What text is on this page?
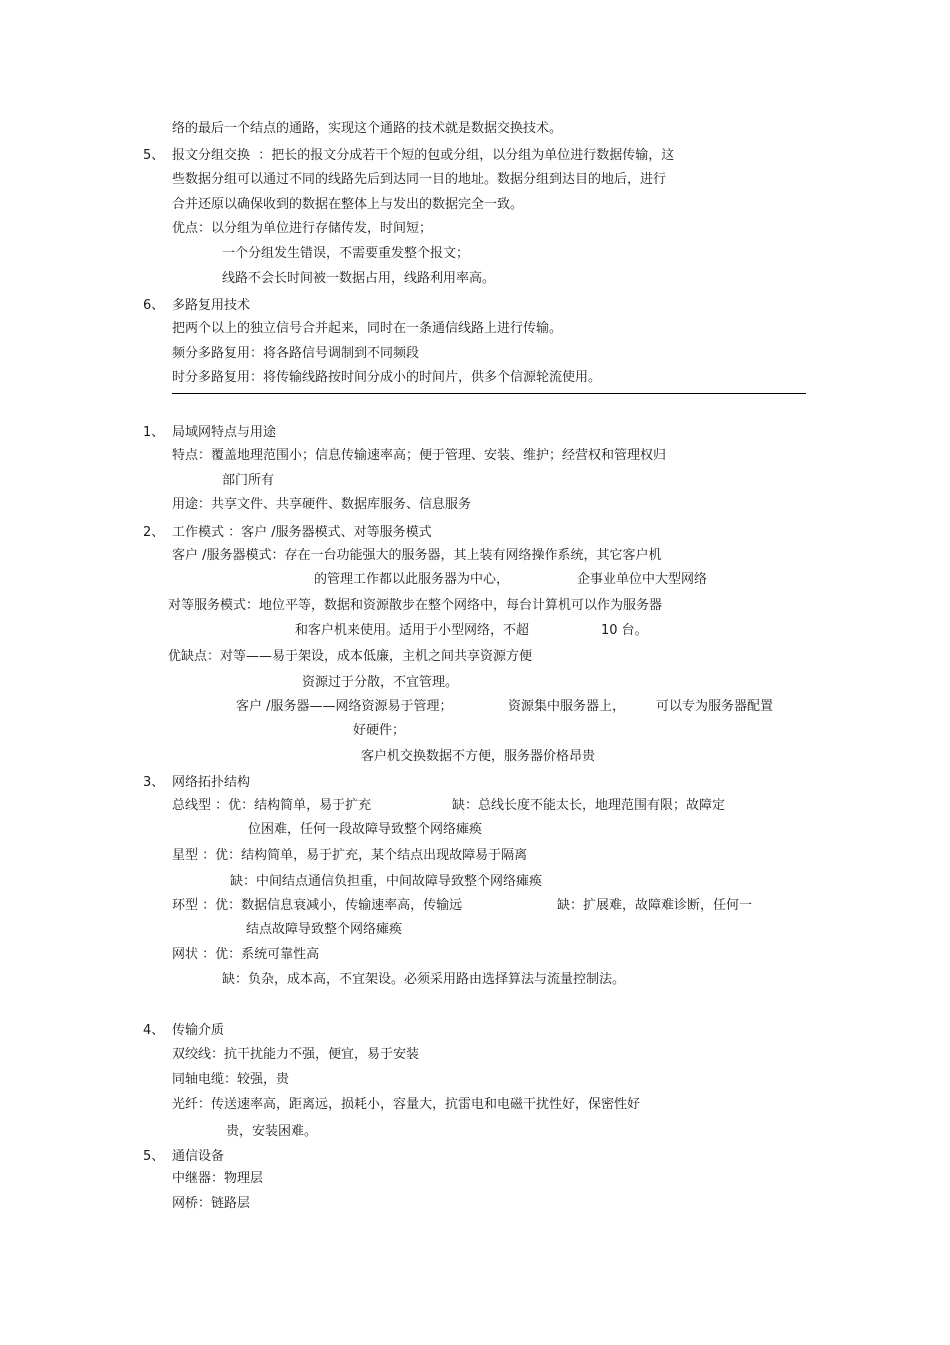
络的最后一个结点的通路，实现这个通路的技术就是数据交换技术。
5、 报文分组交换  ：把长的报文分成若干个短的包或分组，以分组为单位进行数据传输，这
些数据分组可以通过不同的线路先后到达同一目的地址。数据分组到达目的地后，进行
合并还原以确保收到的数据在整体上与发出的数据完全一致。
优点：以分组为单位进行存储传发，时间短；
一个分组发生错误，不需要重发整个报文；
线路不会长时间被一数据占用，线路利用率高。
6、 多路复用技术
把两个以上的独立信号合并起来，同时在一条通信线路上进行传输。
频分多路复用：将各路信号调制到不同频段
时分多路复用：将传输线路按时间分成小的时间片，供多个信源轮流使用。
1、 局域网特点与用途
特点：覆盖地理范围小；信息传输速率高；便于管理、安装、维护；经营权和管理权归
部门所有
用途：共享文件、共享硬件、数据库服务、信息服务
2、 工作模式 ：客户 /服务器模式、对等服务模式
客户 /服务器模式：存在一台功能强大的服务器，其上装有网络操作系统，其它客户机
的管理工作都以此服务器为中心，	企事业单位中大型网络
对等服务模式：地位平等，数据和资源散步在整个网络中，每台计算机可以作为服务器
和客户机来使用。适用于小型网络，不超	10 台。
优缺点：对等——易于架设，成本低廉，主机之间共享资源方便
资源过于分散，不宜管理。
客户 /服务器——网络资源易于管理；	资源集中服务器上， 可以专为服务器配置
好硬件；
客户机交换数据不方便，服务器价格昂贵
3、 网络拓扑结构
总线型 ：优：结构简单，易于扩充	缺：总线长度不能太长，地理范围有限；故障定
位困难，任何一段故障导致整个网络瘫痪
星型 ：优：结构简单，易于扩充，某个结点出现故障易于隔离
缺：中间结点通信负担重，中间故障导致整个网络瘫痪
环型 ：优：数据信息衰减小，传输速率高，传输远	缺：扩展难，故障难诊断，任何一
结点故障导致整个网络瘫痪
网状 ：优：系统可靠性高
缺：负杂，成本高，不宜架设。必须采用路由选择算法与流量控制法。
4、 传输介质
双绞线：抗干扰能力不强，便宜，易于安装
同轴电缆：较强，贵
光纤：传送速率高，距离远，损耗小，容量大，抗雷电和电磁干扰性好，保密性好
贵，安装困难。
5、 通信设备
中继器：物理层
网桥：链路层
